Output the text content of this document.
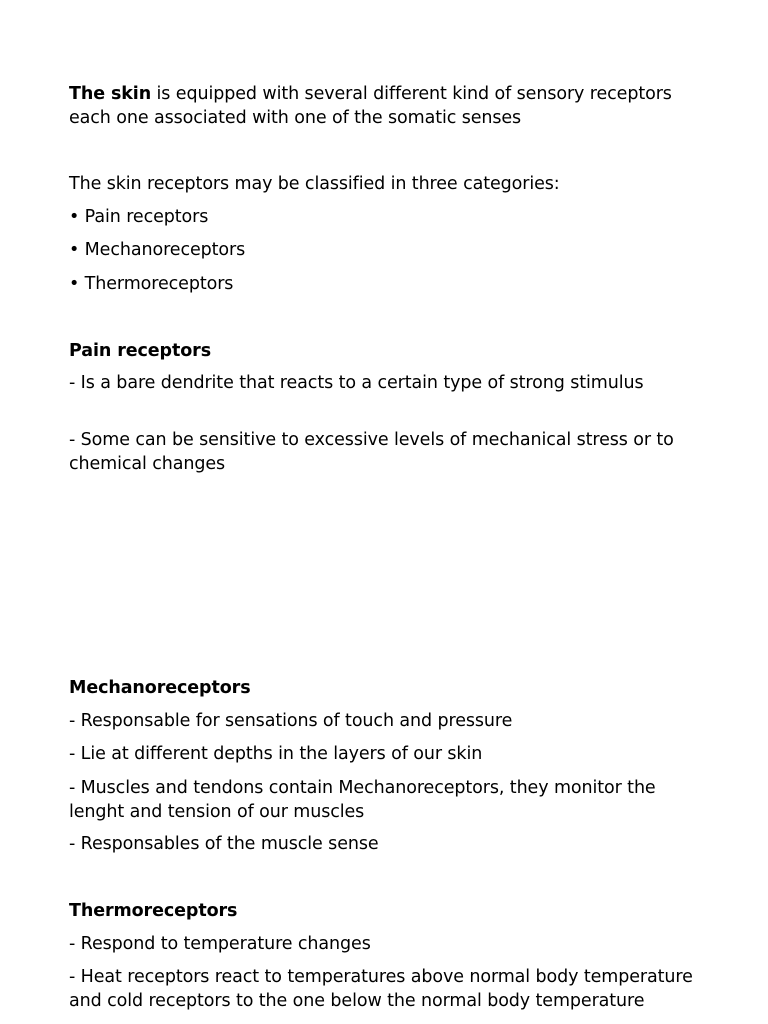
The skin is equipped with several different kind of sensory receptors each one associated with one of the somatic senses
The skin receptors may be classified in three categories:
• Pain receptors
• Mechanoreceptors
• Thermoreceptors
Pain receptors
- Is a bare dendrite that reacts to a certain type of strong stimulus
- Some can be sensitive to excessive levels of mechanical stress or to chemical changes
Mechanoreceptors
- Responsable for sensations of touch and pressure
- Lie at different depths in the layers of our skin
- Muscles and tendons contain Mechanoreceptors, they monitor the lenght and tension of our muscles
- Responsables of the muscle sense
Thermoreceptors
- Respond to temperature changes
- Heat receptors react to temperatures above normal body temperature and cold receptors to the one below the normal body temperature
